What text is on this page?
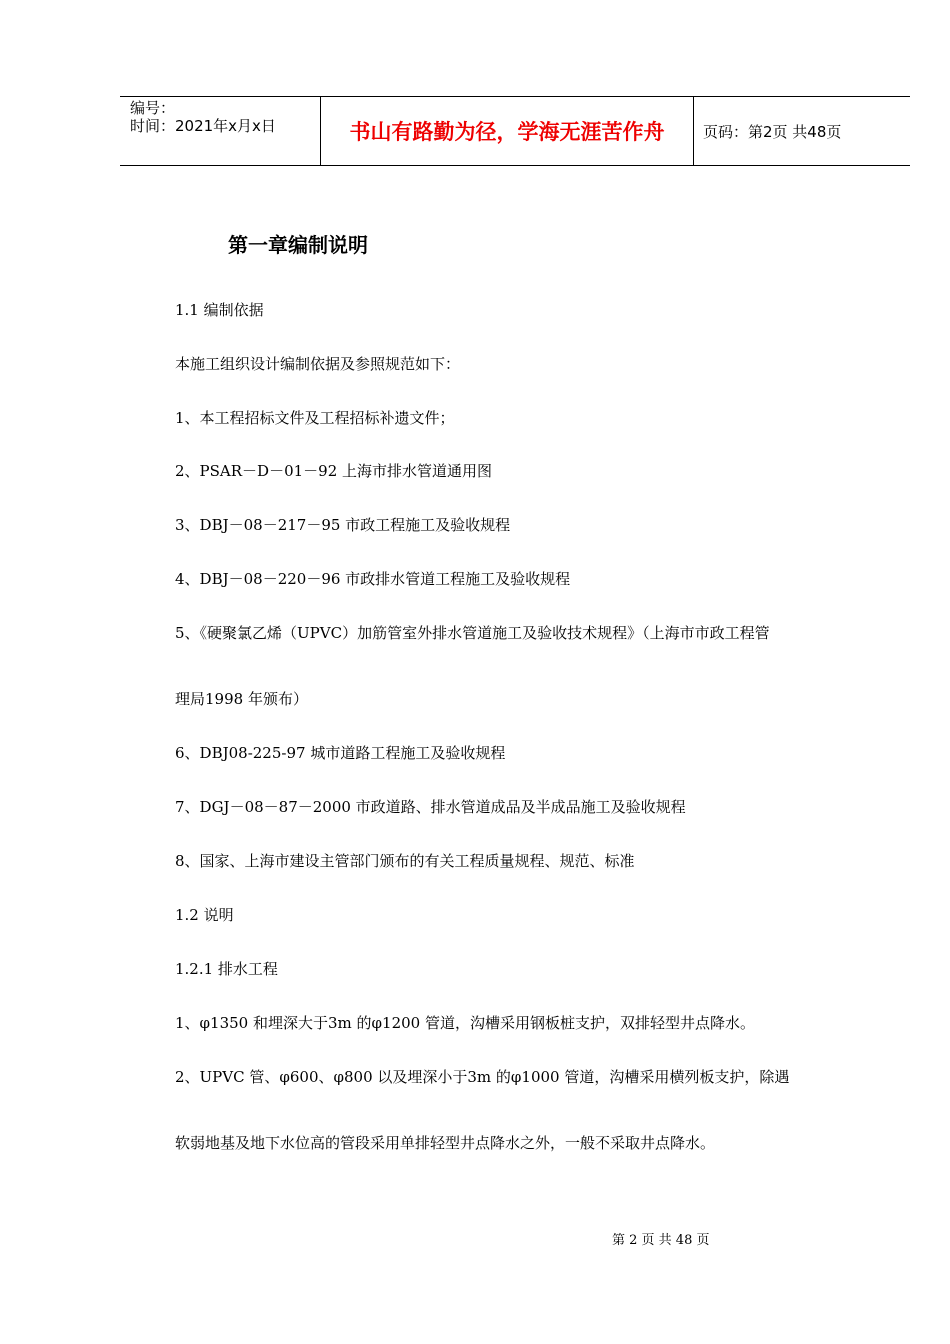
编号：
时间：2021年x月x日	书山有路勤为径，学海无涯苦作舟	页码：第2页 共48页
第一章编制说明
1.1 编制依据
本施工组织设计编制依据及参照规范如下：
1、本工程招标文件及工程招标补遗文件；
2、PSAR－D－01－92 上海市排水管道通用图
3、DBJ－08－217－95 市政工程施工及验收规程
4、DBJ－08－220－96 市政排水管道工程施工及验收规程
5、《硬聚氯乙烯（UPVC）加筋管室外排水管道施工及验收技术规程》（上海市市政工程管
理局1998 年颁布）
6、DBJ08-225-97 城市道路工程施工及验收规程
7、DGJ－08－87－2000 市政道路、排水管道成品及半成品施工及验收规程
8、国家、上海市建设主管部门颁布的有关工程质量规程、规范、标准
1.2 说明
1.2.1 排水工程
1、φ1350 和埋深大于3m 的φ1200 管道，沟槽采用钢板桩支护，双排轻型井点降水。
2、UPVC 管、φ600、φ800 以及埋深小于3m 的φ1000 管道，沟槽采用横列板支护，除遇
软弱地基及地下水位高的管段采用单排轻型井点降水之外，一般不采取井点降水。
第 2 页 共 48 页
